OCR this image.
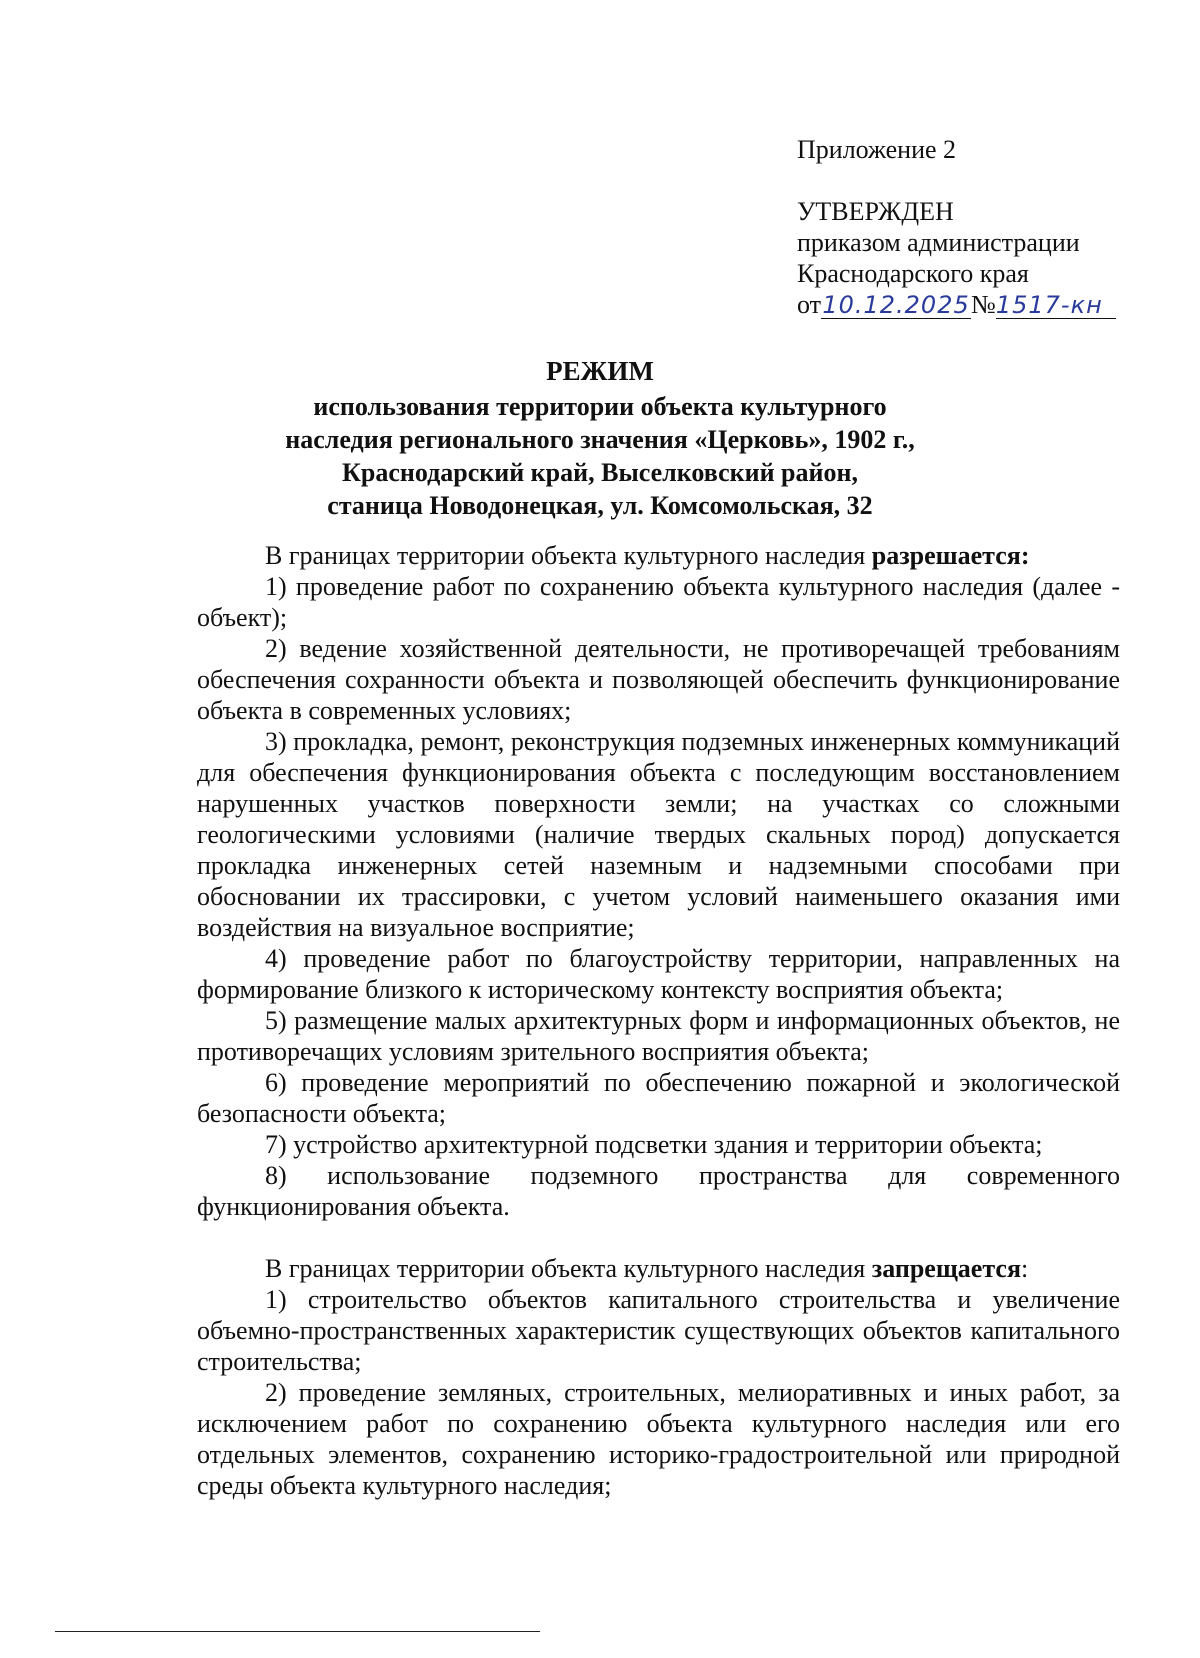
Приложение 2
УТВЕРЖДЕН
приказом администрации
Краснодарского края
от10.12.2025№1517-кн
РЕЖИМ
использования территории объекта культурного
наследия регионального значения «Церковь», 1902 г.,
Краснодарский край, Выселковский район,
станица Новодонецкая, ул. Комсомольская, 32

В границах территории объекта культурного наследия разрешается:

1) проведение работ по сохранению объекта культурного наследия (далее - объект);

2) ведение хозяйственной деятельности, не противоречащей требованиям обеспечения сохранности объекта и позволяющей обеспечить функционирование объекта в современных условиях;

3) прокладка, ремонт, реконструкция подземных инженерных коммуникаций для обеспечения функционирования объекта с последующим восстановлением нарушенных участков поверхности земли; на участках со сложными геологическими условиями (наличие твердых скальных пород) допускается прокладка инженерных сетей наземным и надземными способами при обосновании их трассировки, с учетом условий наименьшего оказания ими воздействия на визуальное восприятие;

4) проведение работ по благоустройству территории, направленных на формирование близкого к историческому контексту восприятия объекта;

5) размещение малых архитектурных форм и информационных объектов, не противоречащих условиям зрительного восприятия объекта;

6) проведение мероприятий по обеспечению пожарной и экологической безопасности объекта;

7) устройство архитектурной подсветки здания и территории объекта;

8) использование подземного пространства для современного функционирования объекта.

В границах территории объекта культурного наследия запрещается:

1) строительство объектов капитального строительства и увеличение объемно-пространственных характеристик существующих объектов капитального строительства;

2) проведение земляных, строительных, мелиоративных и иных работ, за исключением работ по сохранению объекта культурного наследия или его отдельных элементов, сохранению историко-градостроительной или природной среды объекта культурного наследия;
